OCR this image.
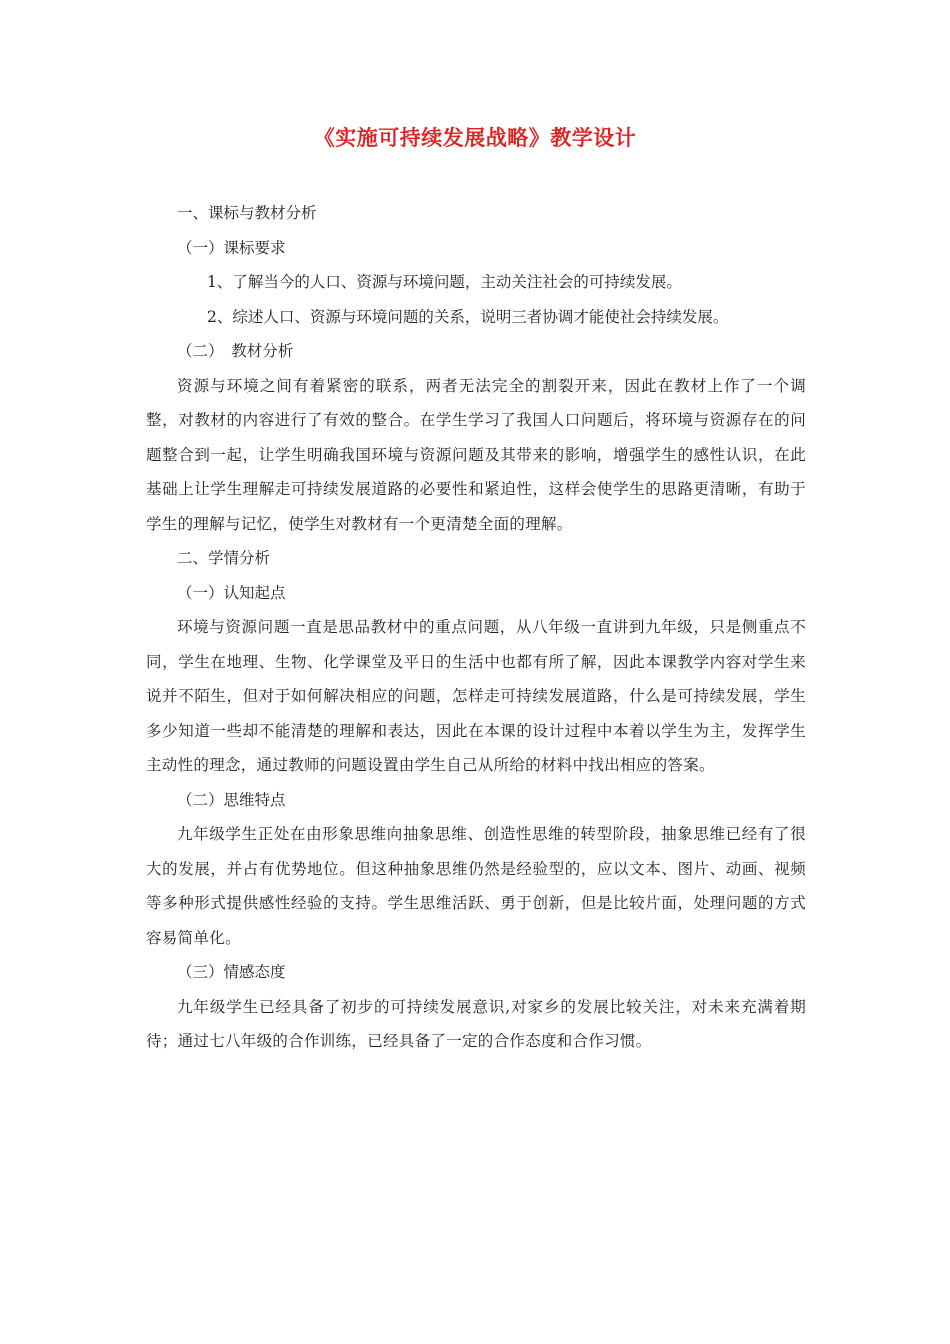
《实施可持续发展战略》教学设计
一、课标与教材分析
（一）课标要求
1、了解当今的人口、资源与环境问题，主动关注社会的可持续发展。
2、综述人口、资源与环境问题的关系，说明三者协调才能使社会持续发展。
（二）　教材分析
资源与环境之间有着紧密的联系，两者无法完全的割裂开来，因此在教材上作了一个调整，对教材的内容进行了有效的整合。在学生学习了我国人口问题后，将环境与资源存在的问题整合到一起，让学生明确我国环境与资源问题及其带来的影响，增强学生的感性认识，在此基础上让学生理解走可持续发展道路的必要性和紧迫性，这样会使学生的思路更清晰，有助于学生的理解与记忆，使学生对教材有一个更清楚全面的理解。
二、学情分析
（一）认知起点
环境与资源问题一直是思品教材中的重点问题，从八年级一直讲到九年级，只是侧重点不同，学生在地理、生物、化学课堂及平日的生活中也都有所了解，因此本课教学内容对学生来说并不陌生，但对于如何解决相应的问题，怎样走可持续发展道路，什么是可持续发展，学生多少知道一些却不能清楚的理解和表达，因此在本课的设计过程中本着以学生为主，发挥学生主动性的理念，通过教师的问题设置由学生自己从所给的材料中找出相应的答案。
（二）思维特点
九年级学生正处在由形象思维向抽象思维、创造性思维的转型阶段，抽象思维已经有了很大的发展，并占有优势地位。但这种抽象思维仍然是经验型的，应以文本、图片、动画、视频等多种形式提供感性经验的支持。学生思维活跃、勇于创新，但是比较片面，处理问题的方式容易简单化。
（三）情感态度
九年级学生已经具备了初步的可持续发展意识,对家乡的发展比较关注，对未来充满着期待；通过七八年级的合作训练，已经具备了一定的合作态度和合作习惯。
